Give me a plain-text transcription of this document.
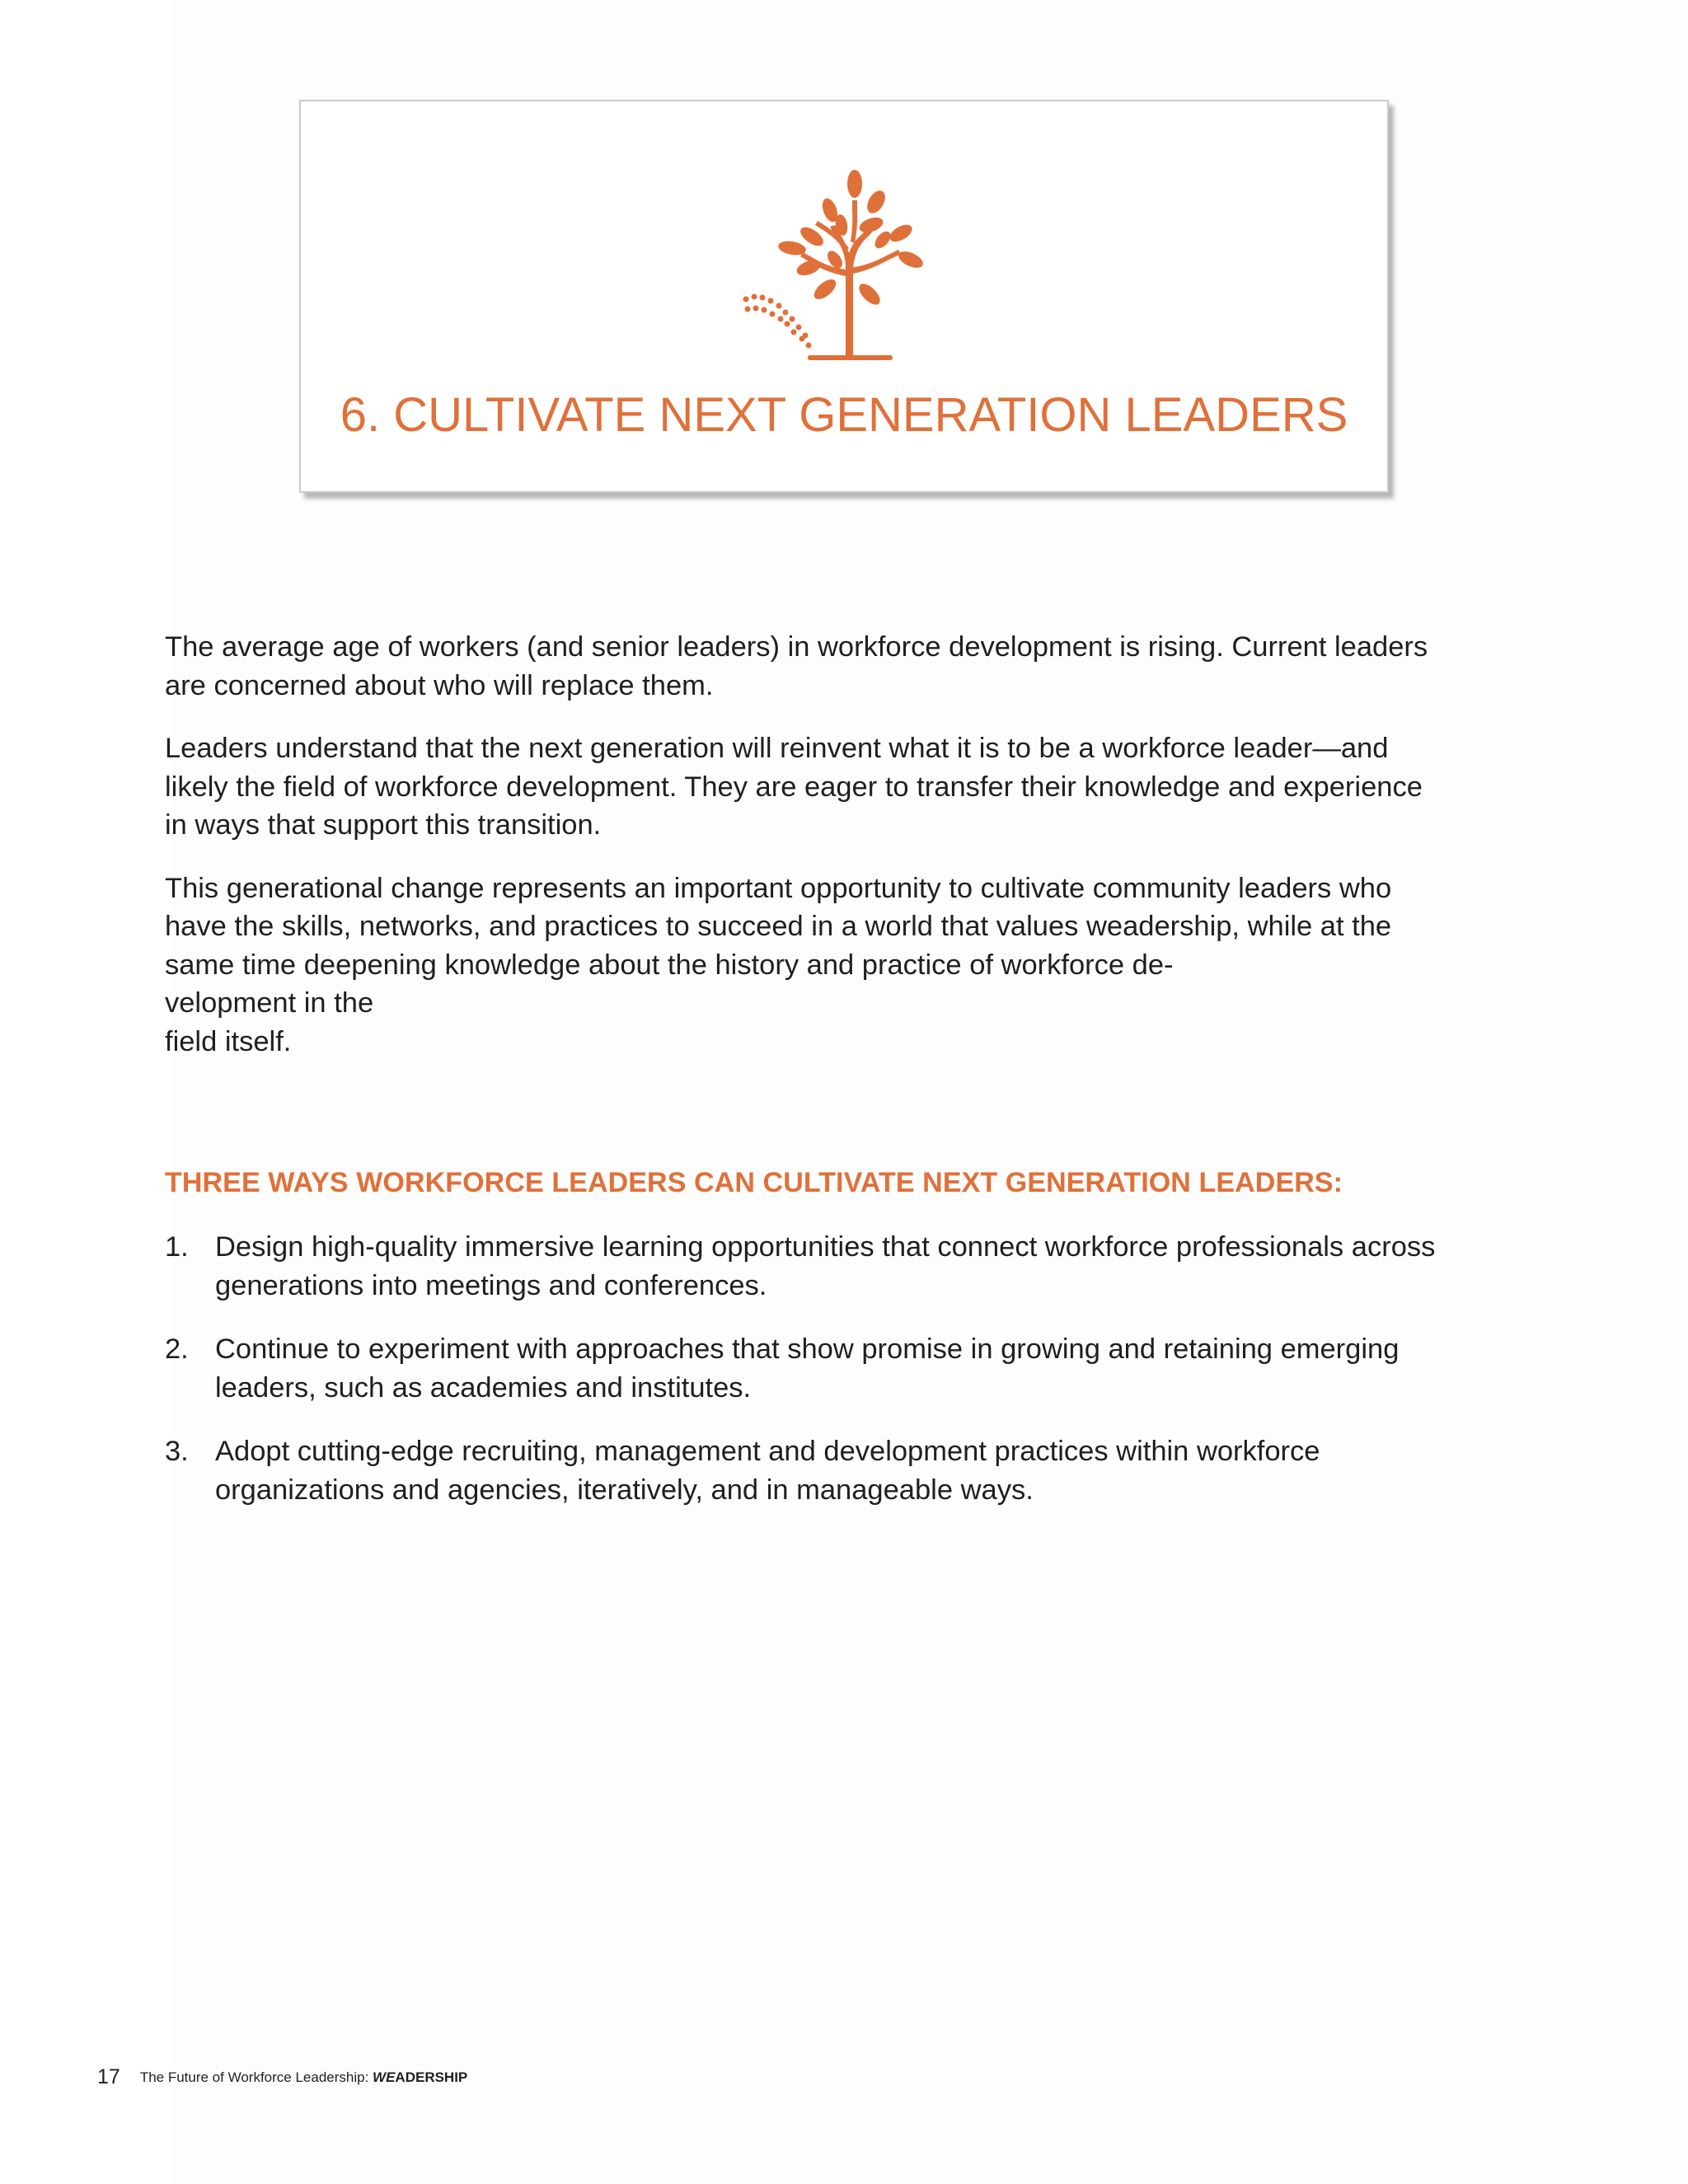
6. CULTIVATE NEXT GENERATION LEADERS

The average age of workers (and senior leaders) in workforce development is rising. Current leaders are concerned about who will replace them.

Leaders understand that the next generation will reinvent what it is to be a workforce leader—and likely the field of workforce development. They are eager to transfer their knowledge and experience in ways that support this transition.

This generational change represents an important opportunity to cultivate community leaders who have the skills, networks, and practices to succeed in a world that values weadership, while at the same time deepening knowledge about the history and practice of workforce de-
velopment in the
field itself.

THREE WAYS WORKFORCE LEADERS CAN CULTIVATE NEXT GENERATION LEADERS:
1. Design high-quality immersive learning opportunities that connect workforce professionals across generations into meetings and conferences.
2. Continue to experiment with approaches that show promise in growing and retaining emerging leaders, such as academies and institutes.
3. Adopt cutting-edge recruiting, management and development practices within workforce organizations and agencies, iteratively, and in manageable ways.
17 The Future of Workforce Leadership: WEADERSHIP
